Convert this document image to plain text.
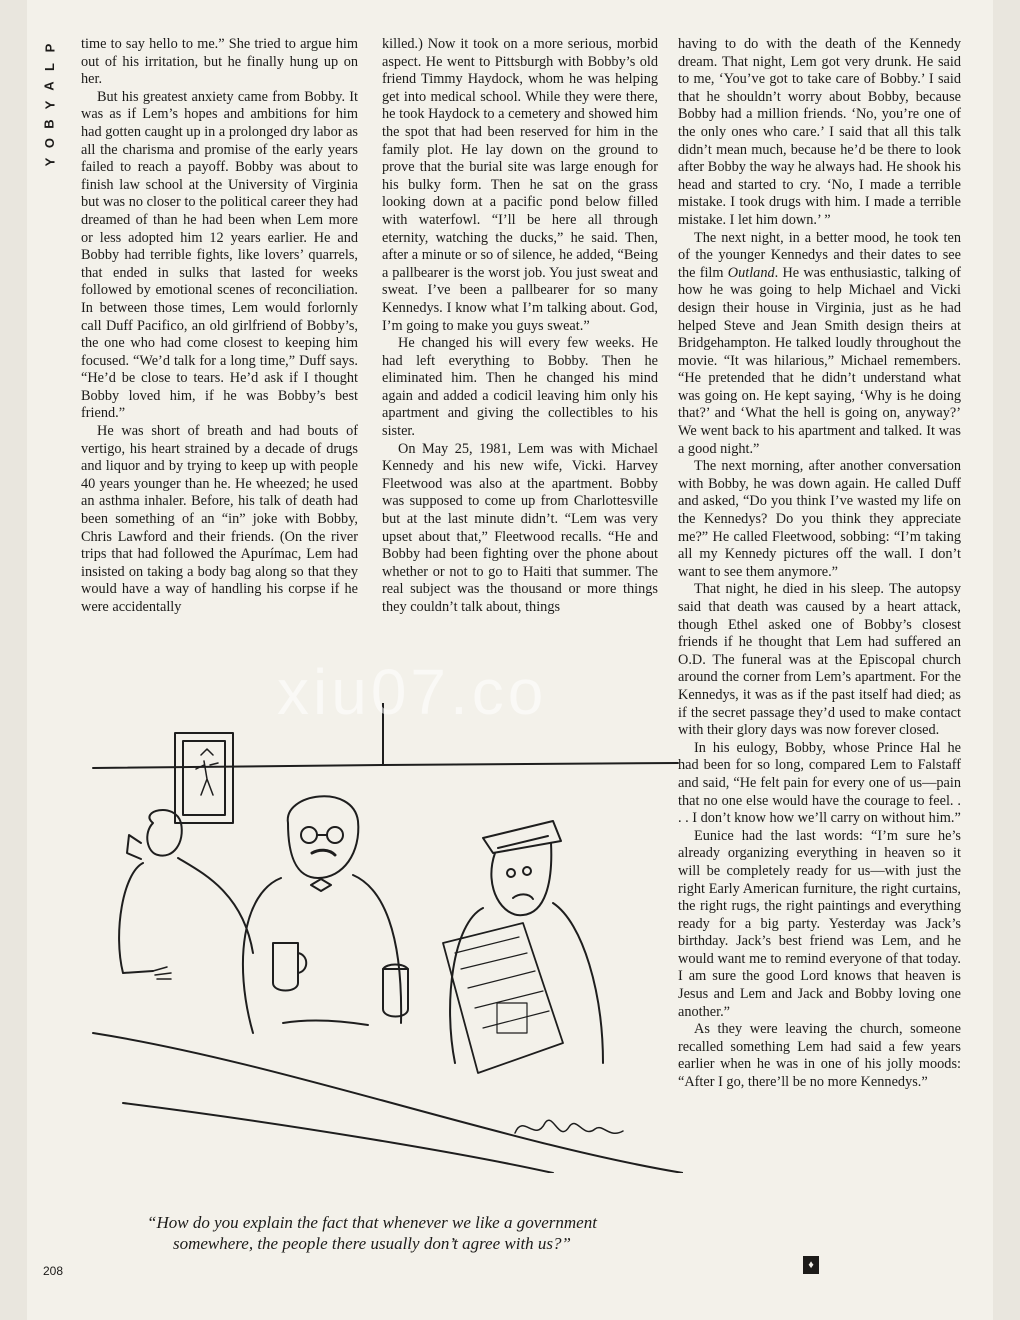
P
L
A
Y
B
O
Y

time to say hello to me.” She tried to argue him out of his irritation, but he finally hung up on her.

But his greatest anxiety came from Bobby. It was as if Lem’s hopes and ambitions for him had gotten caught up in a prolonged dry labor as all the charisma and promise of the early years failed to reach a payoff. Bobby was about to finish law school at the University of Virginia but was no closer to the political career they had dreamed of than he had been when Lem more or less adopted him 12 years earlier. He and Bobby had terrible fights, like lovers’ quarrels, that ended in sulks that lasted for weeks followed by emotional scenes of reconciliation. In between those times, Lem would forlornly call Duff Pacifico, an old girlfriend of Bobby’s, the one who had come closest to keeping him focused. “We’d talk for a long time,” Duff says. “He’d be close to tears. He’d ask if I thought Bobby loved him, if he was Bobby’s best friend.”

He was short of breath and had bouts of vertigo, his heart strained by a decade of drugs and liquor and by trying to keep up with people 40 years younger than he. He wheezed; he used an asthma inhaler. Before, his talk of death had been something of an “in” joke with Bobby, Chris Lawford and their friends. (On the river trips that had followed the Apurímac, Lem had insisted on taking a body bag along so that they would have a way of handling his corpse if he were accidentally

killed.) Now it took on a more serious, morbid aspect. He went to Pittsburgh with Bobby’s old friend Timmy Haydock, whom he was helping get into medical school. While they were there, he took Haydock to a cemetery and showed him the spot that had been reserved for him in the family plot. He lay down on the ground to prove that the burial site was large enough for his bulky form. Then he sat on the grass looking down at a pacific pond below filled with waterfowl. “I’ll be here all through eternity, watching the ducks,” he said. Then, after a minute or so of silence, he added, “Being a pallbearer is the worst job. You just sweat and sweat. I’ve been a pallbearer for so many Kennedys. I know what I’m talking about. God, I’m going to make you guys sweat.”

He changed his will every few weeks. He had left everything to Bobby. Then he eliminated him. Then he changed his mind again and added a codicil leaving him only his apartment and giving the collectibles to his sister.

On May 25, 1981, Lem was with Michael Kennedy and his new wife, Vicki. Harvey Fleetwood was also at the apartment. Bobby was supposed to come up from Charlottesville but at the last minute didn’t. “Lem was very upset about that,” Fleetwood recalls. “He and Bobby had been fighting over the phone about whether or not to go to Haiti that summer. The real subject was the thousand or more things they couldn’t talk about, things

having to do with the death of the Kennedy dream. That night, Lem got very drunk. He said to me, ‘You’ve got to take care of Bobby.’ I said that he shouldn’t worry about Bobby, because Bobby had a million friends. ‘No, you’re one of the only ones who care.’ I said that all this talk didn’t mean much, because he’d be there to look after Bobby the way he always had. He shook his head and started to cry. ‘No, I made a terrible mistake. I took drugs with him. I made a terrible mistake. I let him down.’ ”

The next night, in a better mood, he took ten of the younger Kennedys and their dates to see the film Outland. He was enthusiastic, talking of how he was going to help Michael and Vicki design their house in Virginia, just as he had helped Steve and Jean Smith design theirs at Bridgehampton. He talked loudly throughout the movie. “It was hilarious,” Michael remembers. “He pretended that he didn’t understand what was going on. He kept saying, ‘Why is he doing that?’ and ‘What the hell is going on, anyway?’ We went back to his apartment and talked. It was a good night.”

The next morning, after another conversation with Bobby, he was down again. He called Duff and asked, “Do you think I’ve wasted my life on the Kennedys? Do you think they appreciate me?” He called Fleetwood, sobbing: “I’m taking all my Kennedy pictures off the wall. I don’t want to see them anymore.”

That night, he died in his sleep. The autopsy said that death was caused by a heart attack, though Ethel asked one of Bobby’s closest friends if he thought that Lem had suffered an O.D. The funeral was at the Episcopal church around the corner from Lem’s apartment. For the Kennedys, it was as if the past itself had died; as if the secret passage they’d used to make contact with their glory days was now forever closed.

In his eulogy, Bobby, whose Prince Hal he had been for so long, compared Lem to Falstaff and said, “He felt pain for every one of us—pain that no one else would have the courage to feel. . . . I don’t know how we’ll carry on without him.”

Eunice had the last words: “I’m sure he’s already organizing everything in heaven so it will be completely ready for us—with just the right Early American furniture, the right curtains, the right rugs, the right paintings and everything ready for a big party. Yesterday was Jack’s birthday. Jack’s best friend was Lem, and he would want me to remind everyone of that today. I am sure the good Lord knows that heaven is Jesus and Lem and Jack and Bobby loving one another.”

As they were leaving the church, someone recalled something Lem had said a few years earlier when he was in one of his jolly moods: “After I go, there’ll be no more Kennedys.”

xiu07.co
“How do you explain the fact that whenever we like a government somewhere, the people there usually don’t agree with us?”
208	♦
